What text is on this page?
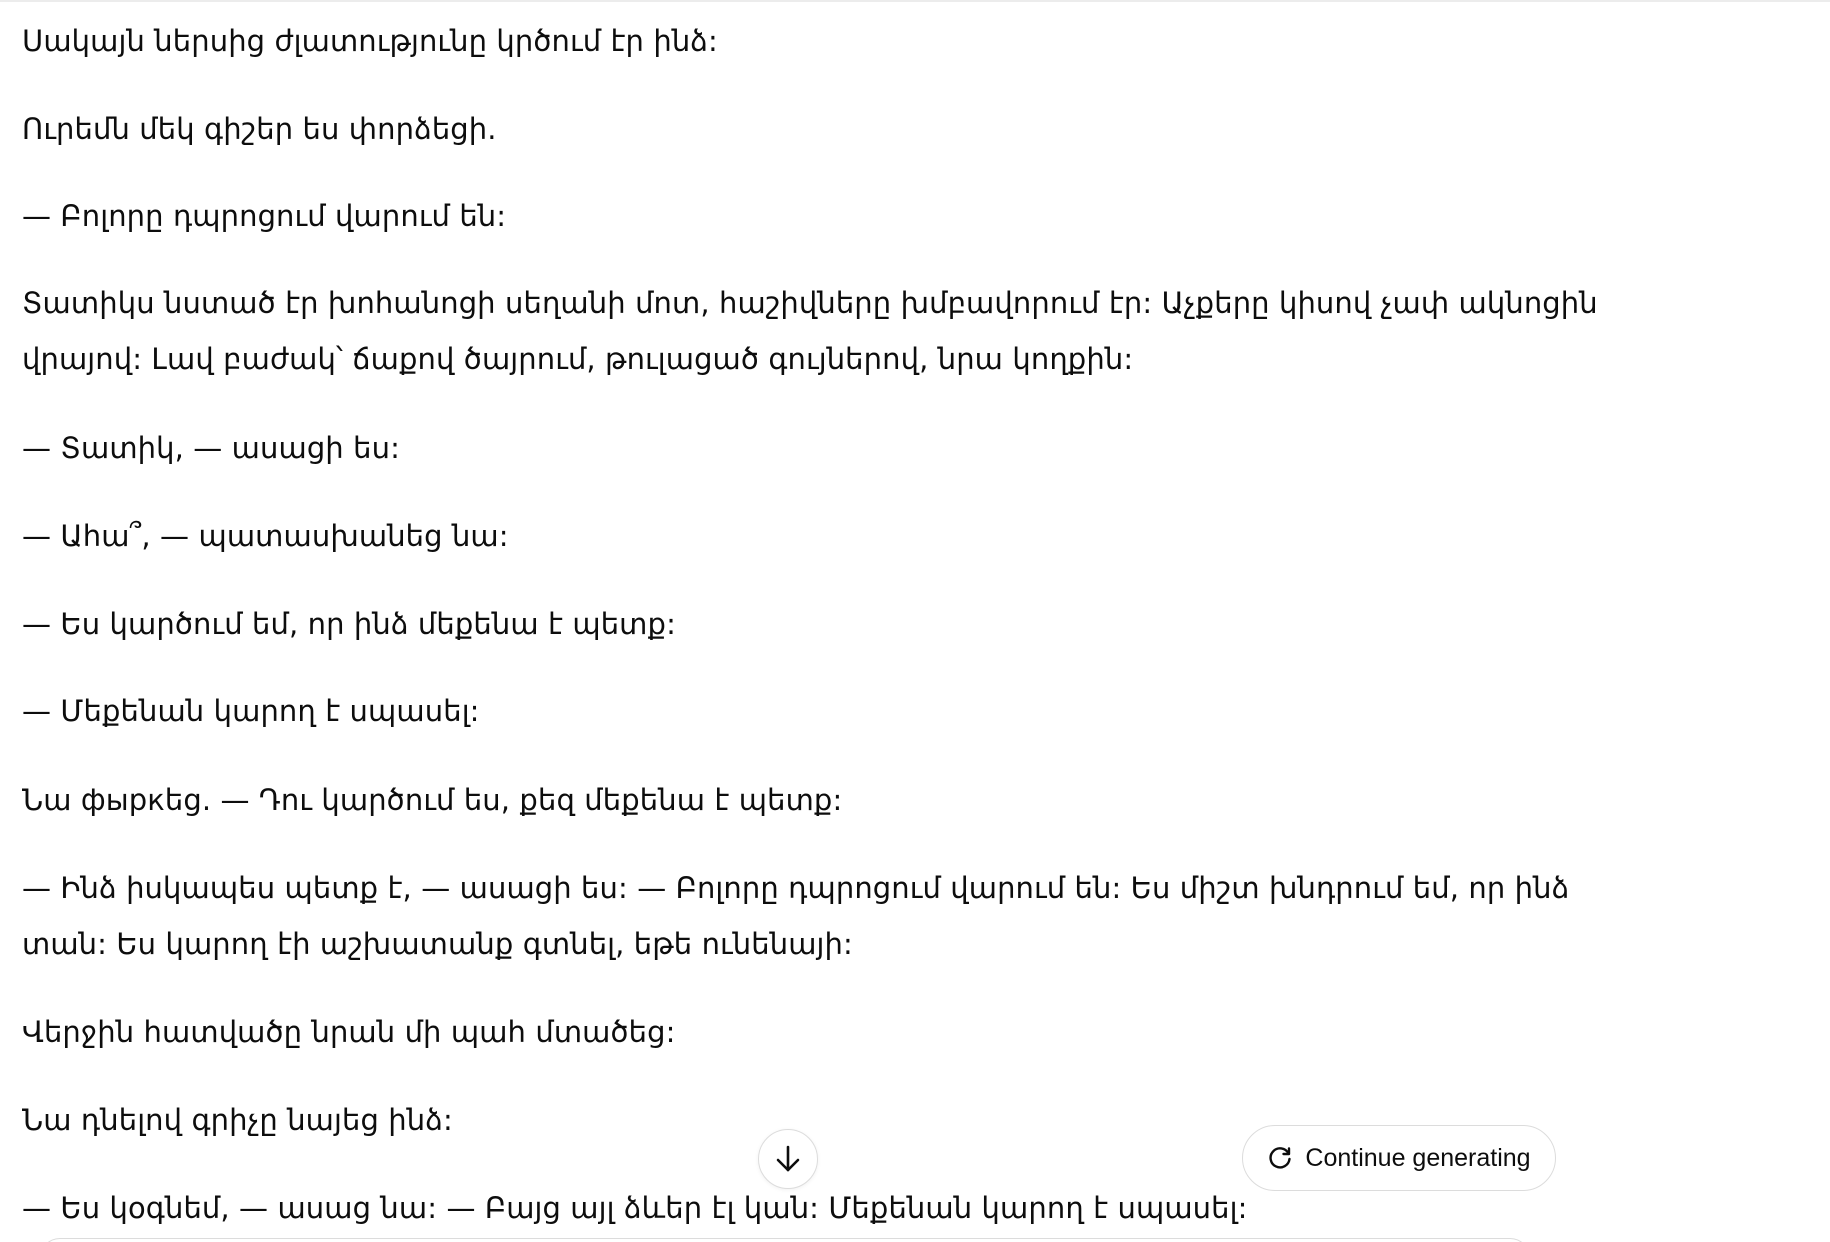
Սակայն ներսից ժլատությունը կրծում էր ինձ:

Ուրեմն մեկ գիշեր ես փորձեցի.

— Բոլորը դպրոցում վարում են:

Տատիկս նստած էր խոհանոցի սեղանի մոտ, հաշիվները խմբավորում էր: Աչքերը կիսով չափ ակնոցին
վրայով: Լավ բաժակ՝ ճաքով ծայրում, թուլացած գույներով, նրա կողքին:

— Տատիկ, — ասացի ես:

— Ահա՞, — պատասխանեց նա:

— Ես կարծում եմ, որ ինձ մեքենա է պետք:

— Մեքենան կարող է սպասել:

Նա фыркեց. — Դու կարծում ես, քեզ մեքենա է պետք:

— Ինձ իսկապես պետք է, — ասացի ես: — Բոլորը դպրոցում վարում են: Ես միշտ խնդրում եմ, որ ինձ
տան: Ես կարող էի աշխատանք գտնել, եթե ունենայի:

Վերջին հատվածը նրան մի պահ մտածեց:

Նա դնելով գրիչը նայեց ինձ:

— Ես կօգնեմ, — ասաց նա: — Բայց այլ ձևեր էլ կան: Մեքենան կարող է սպասել:

Continue generating
